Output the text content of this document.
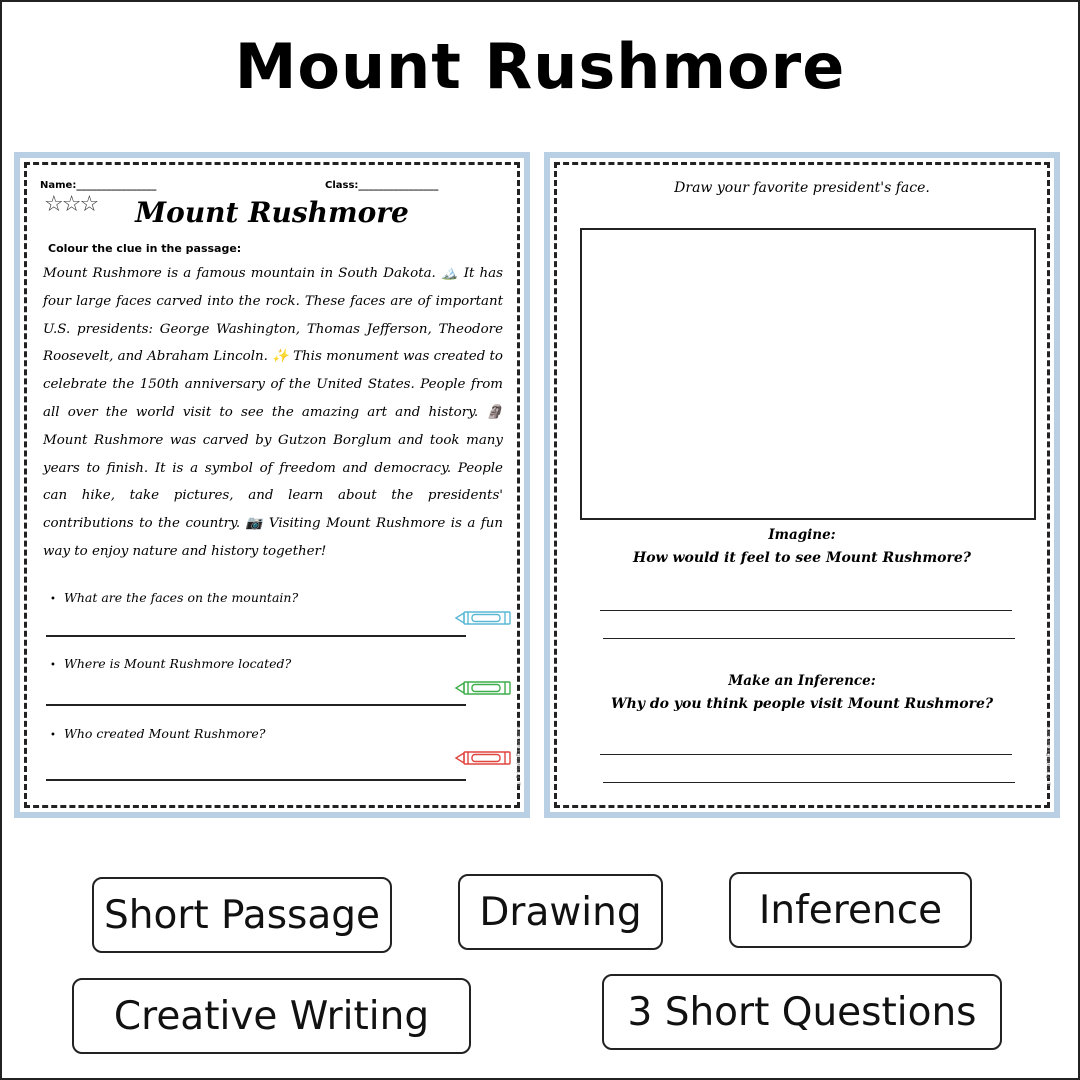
Mount Rushmore
Name:________________	Class:________________
☆☆☆	Mount Rushmore
Colour the clue in the passage:
Mount Rushmore is a famous mountain in South Dakota. 🏔️ It has four large faces carved into the rock. These faces are of important U.S. presidents: George Washington, Thomas Jefferson, Theodore Roosevelt, and Abraham Lincoln. ✨ This monument was created to celebrate the 150th anniversary of the United States. People from all over the world visit to see the amazing art and history. 🗿 Mount Rushmore was carved by Gutzon Borglum and took many years to finish. It is a symbol of freedom and democracy. People can hike, take pictures, and learn about the presidents' contributions to the country. 📷 Visiting Mount Rushmore is a fun way to enjoy nature and history together!
• What are the faces on the mountain?
• Where is Mount Rushmore located?
• Who created Mount Rushmore?	© PrintableBazaar.com
Draw your favorite president's face.
Imagine:
How would it feel to see Mount Rushmore?
Make an Inference:
Why do you think people visit Mount Rushmore?
© PrintableBazaar.com
Short Passage	Drawing	Inference
Creative Writing	3 Short Questions
